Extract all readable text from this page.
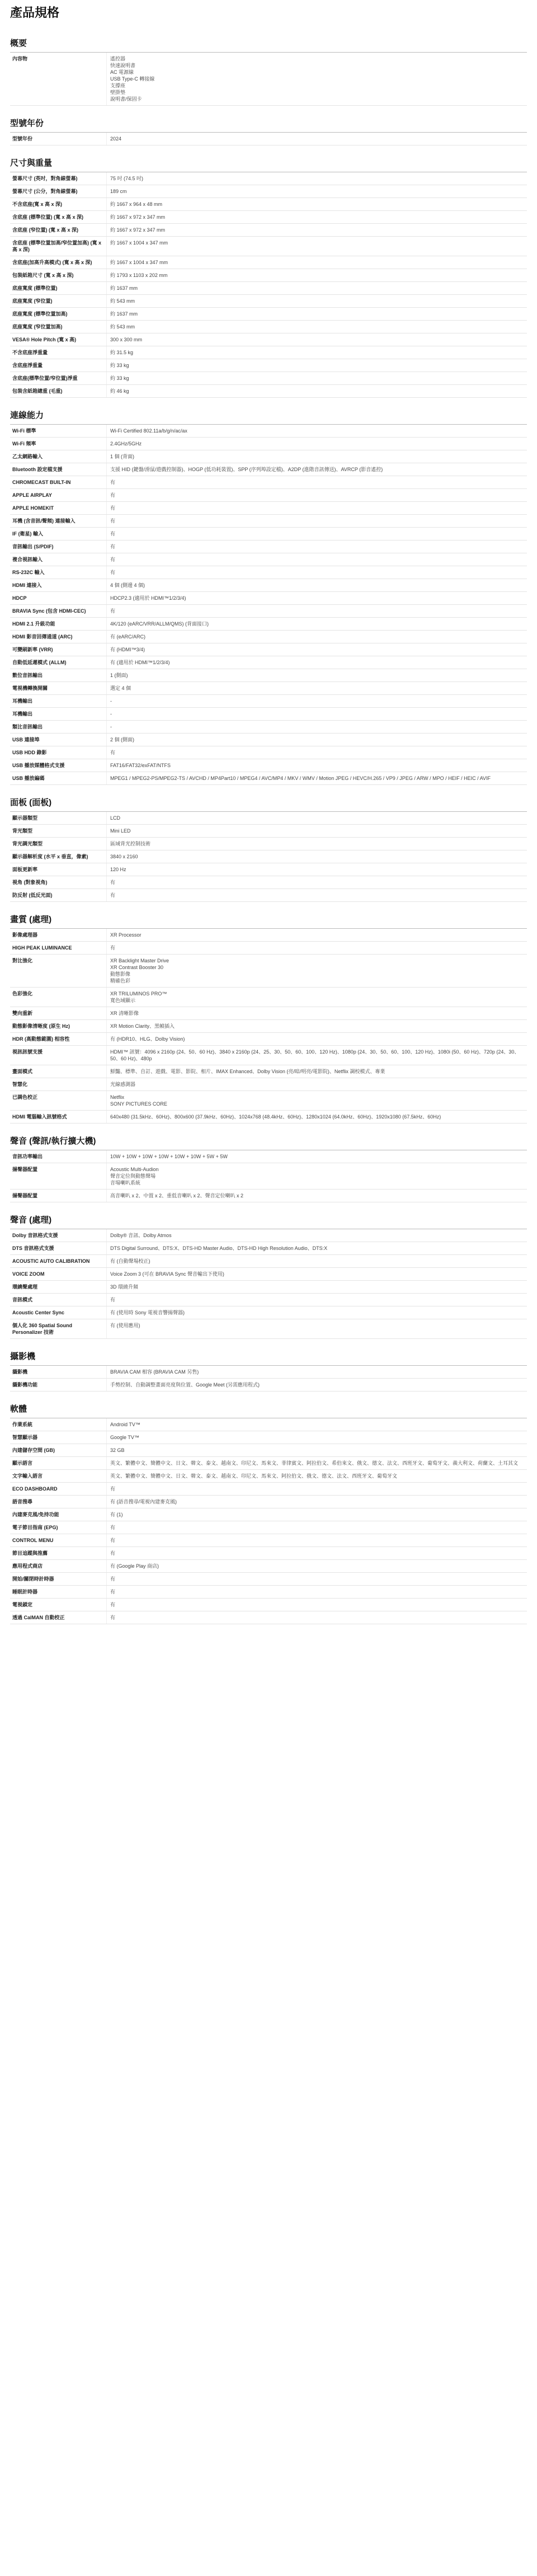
產品規格
概要
內容物	遙控器
快速說明書
AC 電源線
USB Type-C 轉接線
支撐座
壁掛墊
說明書/保固卡
型號年份
型號年份	2024
尺寸與重量
螢幕尺寸 (英吋，對角線螢幕)	75 吋 (74.5 吋)
螢幕尺寸 (公分，對角線螢幕)	189 cm
不含底座(寬 x 高 x 深)	約 1667 x 964 x 48 mm
含底座 (標準位置) (寬 x 高 x 深)	約 1667 x 972 x 347 mm
含底座 (窄位置) (寬 x 高 x 深)	約 1667 x 972 x 347 mm
含底座 (標準位置加高/窄位置加高) (寬 x 高 x 深)
約 1667 x 1004 x 347 mm
含底座(加高升高模式) (寬 x 高 x 深)	約 1667 x 1004 x 347 mm
包裝紙箱尺寸 (寬 x 高 x 深)	約 1793 x 1103 x 202 mm
底座寬度 (標準位置)	約 1637 mm
底座寬度 (窄位置)	約 543 mm
底座寬度 (標準位置加高)	約 1637 mm
底座寬度 (窄位置加高)	約 543 mm
VESA® Hole Pitch (寬 x 高)	300 x 300 mm
不含底座淨重量	約 31.5 kg
含底座淨重量	約 33 kg
含底座(標準位置/窄位置)淨重	約 33 kg
包裝含紙箱總重 (毛重)	約 46 kg
連線能力
Wi-Fi 標準	Wi-Fi Certified 802.11a/b/g/n/ac/ax
Wi-Fi 頻率	2.4GHz/5GHz
乙太網路輸入	1 個 (背面)
Bluetooth 設定檔支援	支援 HID (鍵盤/滑鼠/遊戲控制器)、HOGP (低功耗裝置)、SPP (序列埠設定檔)、A2DP (進階音訊傳送)、AVRCP (影音遙控)
CHROMECAST BUILT-IN	有
APPLE AIRPLAY	有
APPLE HOMEKIT	有
耳機 (含音訊/聲頻) 連接輸入	有
IF (衛星) 輸入	有
音訊輸出 (S/PDIF)	有
複合視訊輸入	有
RS-232C 輸入	有
HDMI 連接入	4 個 (側邊 4 個)
HDCP	HDCP2.3 (適用於 HDMI™1/2/3/4)
BRAVIA Sync (包含 HDMI-CEC)	有
HDMI 2.1 升級功能	4K/120 (eARC/VRR/ALLM/QMS) (背面接口)
HDMI 影音回傳通道 (ARC)	有 (eARC/ARC)
可變刷新率 (VRR)	有 (HDMI™3/4)
自動低延遲模式 (ALLM)	有 (適用於 HDMI™1/2/3/4)
數位音訊輸出	1 (側面)
電視機轉換開關	選定 4 個
耳機輸出	-
耳機輸出	-
類比音訊輸出	-
USB 連接埠	2 個 (側面)
USB HDD 錄影	有
USB 播放媒體格式支援	FAT16/FAT32/exFAT/NTFS
USB 播放編碼	MPEG1 / MPEG2-PS/MPEG2-TS / AVCHD / MP4Part10 / MPEG4 / AVC/MP4 / MKV / WMV / Motion JPEG / HEVC/H.265 / VP9 / JPEG / ARW / MPO / HEIF / HEIC / AVIF
面板 (面板)
顯示器類型	LCD
背光類型	Mini LED
背光調光類型	區域背光控制技術
顯示器解析度 (水平 x 垂直，像素)	3840 x 2160
面板更新率	120 Hz
視角 (對象視角)	有
防反射 (低反光面)	有
畫質 (處理)
影像處理器	XR Processor
HIGH PEAK LUMINANCE	有
對比強化	XR Backlight Master Drive
XR Contrast Booster 30
動態影像
精確色彩
色彩強化	XR TRILUMINOS PRO™
寬色域顯示
雙向重新	XR 清晰影像
動態影像清晰度 (原生 Hz)	XR Motion Clarity、黑幀插入
HDR (高動態範圍) 相容性	有 (HDR10、HLG、Dolby Vision)
視訊訊號支援	HDMI™ 訊號：4096 x 2160p (24、50、60 Hz)、3840 x 2160p (24、25、30、50、60、100、120 Hz)、1080p (24、30、50、60、100、120 Hz)、1080i (50、60 Hz)、720p (24、30、50、60 Hz)、480p
畫面模式	鮮豔、標準、自訂、遊戲、電影、影院、相片、IMAX Enhanced、Dolby Vision (亮/暗/明亮/電影院)、Netflix 調校模式、專業
智慧化	光線感測器
已調色校正	Netflix
SONY PICTURES CORE
HDMI 電腦輸入訊號格式	640x480 (31.5kHz、60Hz)、800x600 (37.9kHz、60Hz)、1024x768 (48.4kHz、60Hz)、1280x1024 (64.0kHz、60Hz)、1920x1080 (67.5kHz、60Hz)
聲音 (聲訊/執行擴大機)
音訊功率輸出	10W + 10W + 10W + 10W + 10W + 10W + 5W + 5W
揚聲器配置	Acoustic Multi-Audion
聲音定位與動態聲場
音場喇叭系統
揚聲器配置	高音喇叭 x 2、中置 x 2、重低音喇叭 x 2、聲音定位喇叭 x 2
聲音 (處理)
Dolby 音訊格式支援	Dolby® 音訊、Dolby Atmos
DTS 音訊格式支援	DTS Digital Surround、DTS:X、DTS-HD Master Audio、DTS-HD High Resolution Audio、DTS:X
ACOUSTIC AUTO CALIBRATION	有 (自動聲場校正)
VOICE ZOOM	Voice Zoom 3 (可在 BRAVIA Sync 聲音輸出下使用)
環繞聲處理	3D 環繞升頻
音訊模式	有
Acoustic Center Sync	有 (使用時 Sony 電視音響揚聲器)
個人化 360 Spatial Sound Personalizer 技術
有 (使用應用)
攝影機
攝影機	BRAVIA CAM 相容 (BRAVIA CAM 另售)
攝影機功能	手勢控制、自動調整畫面亮度與位置、Google Meet (另需應用程式)
軟體
作業系統	Android TV™
智慧顯示器	Google TV™
內建儲存空間 (GB)	32 GB
顯示語言	英文、繁體中文、簡體中文、日文、韓文、泰文、越南文、印尼文、馬來文、菲律賓文、阿拉伯文、希伯來文、俄文、德文、法文、西班牙文、葡萄牙文、義大利文、荷蘭文、土耳其文
文字輸入語言	英文、繁體中文、簡體中文、日文、韓文、泰文、越南文、印尼文、馬來文、阿拉伯文、俄文、德文、法文、西班牙文、葡萄牙文
ECO DASHBOARD	有
語音搜尋	有 (語音搜尋/電視內建麥克風)
內建麥克風/免持功能	有 (1)
電子節目指南 (EPG)	有
CONTROL MENU	有
節目追蹤與推薦	有
應用程式商店	有 (Google Play 商店)
開始/關閉時計時器	有
睡眠計時器	有
電視鎖定	有
透過 CalMAN 自動校正	有
